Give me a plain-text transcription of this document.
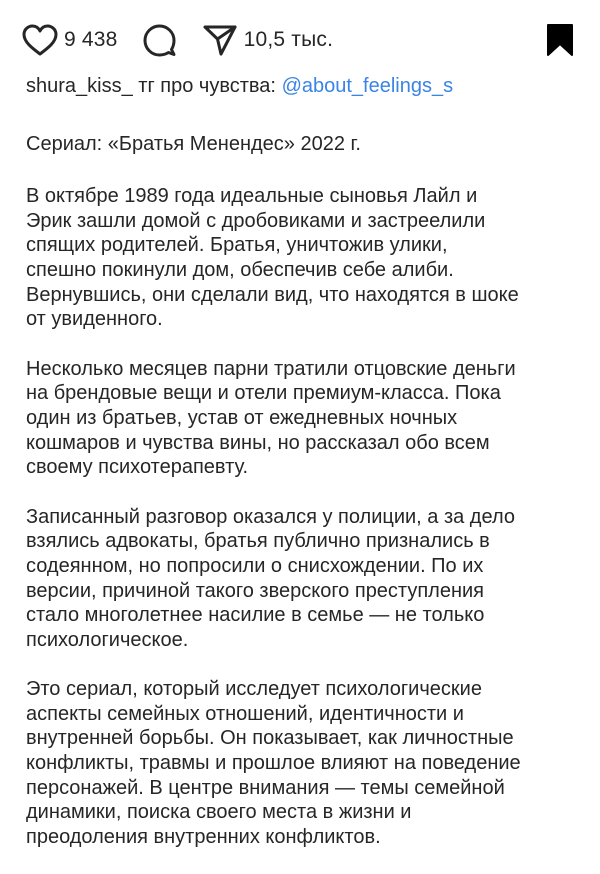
9 438	10,5 тыс.

shura_kiss_ тг про чувства: @about_feelings_s

Сериал: «Братья Менендес» 2022 г.

В октябре 1989 года идеальные сыновья Лайл и
Эрик зашли домой с дробовиками и застреелили
спящих родителей. Братья, уничтожив улики,
спешно покинули дом, обеспечив себе алиби.
Вернувшись, они сделали вид, что находятся в шоке
от увиденного.

Несколько месяцев парни тратили отцовские деньги
на брендовые вещи и отели премиум-класса. Пока
один из братьев, устав от ежедневных ночных
кошмаров и чувства вины, но рассказал обо всем
своему психотерапевту.

Записанный разговор оказался у полиции, а за дело
взялись адвокаты, братья публично признались в
содеянном, но попросили о снисхождении. По их
версии, причиной такого зверского преступления
стало многолетнее насилие в семье — не только
психологическое.

Это сериал, который исследует психологические
аспекты семейных отношений, идентичности и
внутренней борьбы. Он показывает, как личностные
конфликты, травмы и прошлое влияют на поведение
персонажей. В центре внимания — темы семейной
динамики, поиска своего места в жизни и
преодоления внутренних конфликтов.
